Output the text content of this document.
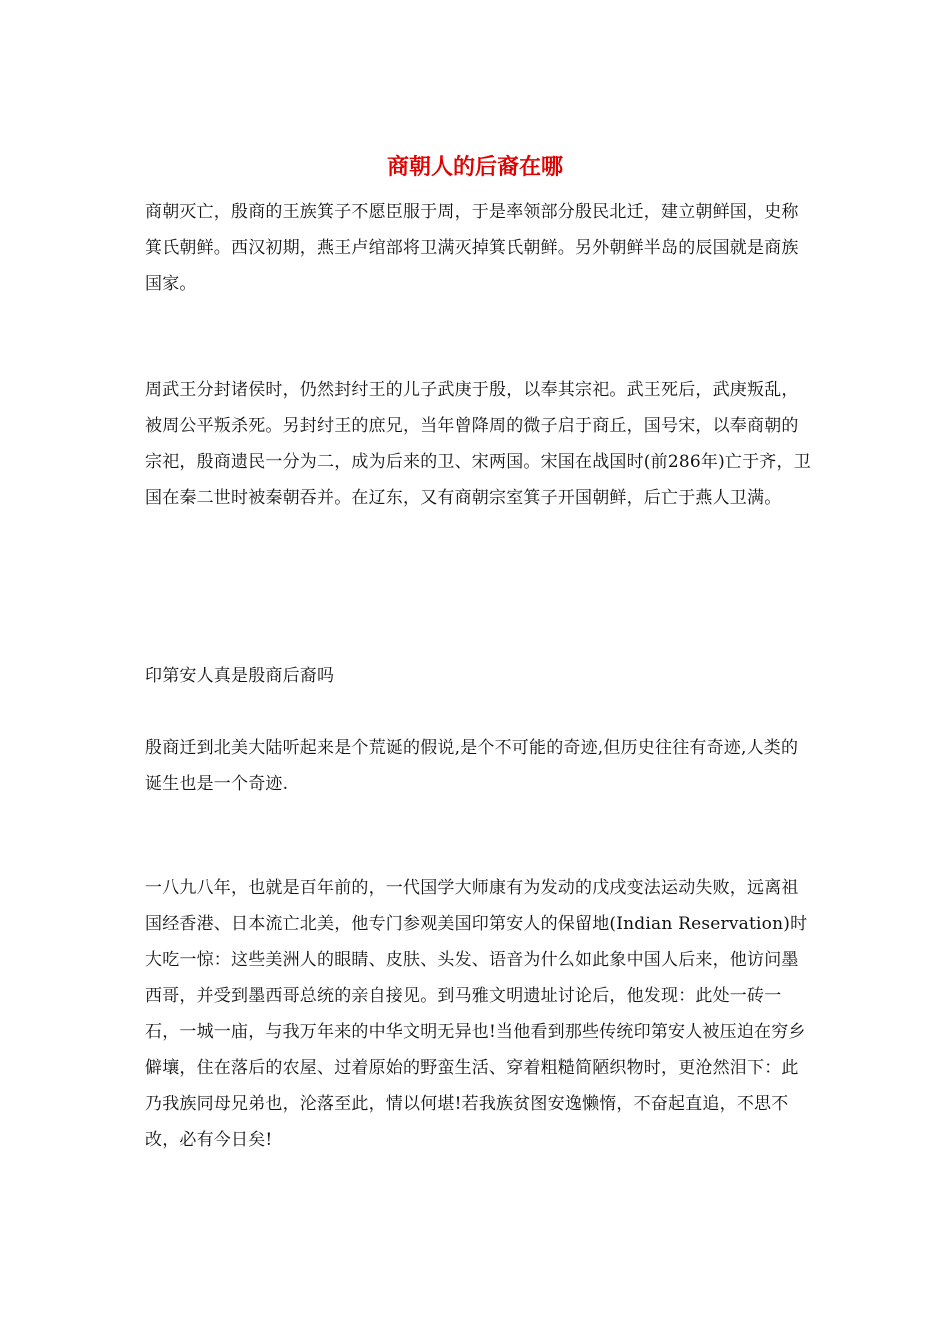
商朝人的后裔在哪

商朝灭亡，殷商的王族箕子不愿臣服于周，于是率领部分殷民北迁，建立朝鲜国，史称箕氏朝鲜。西汉初期，燕王卢绾部将卫满灭掉箕氏朝鲜。另外朝鲜半岛的辰国就是商族国家。

周武王分封诸侯时，仍然封纣王的儿子武庚于殷，以奉其宗祀。武王死后，武庚叛乱，被周公平叛杀死。另封纣王的庶兄，当年曾降周的微子启于商丘，国号宋，以奉商朝的宗祀，殷商遗民一分为二，成为后来的卫、宋两国。宋国在战国时(前286年)亡于齐，卫国在秦二世时被秦朝吞并。在辽东，又有商朝宗室箕子开国朝鲜，后亡于燕人卫满。

印第安人真是殷商后裔吗

殷商迁到北美大陆听起来是个荒诞的假说,是个不可能的奇迹,但历史往往有奇迹,人类的诞生也是一个奇迹.

一八九八年，也就是百年前的，一代国学大师康有为发动的戊戌变法运动失败，远离祖国经香港、日本流亡北美，他专门参观美国印第安人的保留地(Indian Reservation)时大吃一惊：这些美洲人的眼睛、皮肤、头发、语音为什么如此象中国人后来，他访问墨西哥，并受到墨西哥总统的亲自接见。到马雅文明遗址讨论后，他发现：此处一砖一石，一城一庙，与我万年来的中华文明无异也!当他看到那些传统印第安人被压迫在穷乡僻壤，住在落后的农屋、过着原始的野蛮生活、穿着粗糙简陋织物时，更沧然泪下：此乃我族同母兄弟也，沦落至此，情以何堪!若我族贫图安逸懒惰，不奋起直追，不思不改，必有今日矣!
